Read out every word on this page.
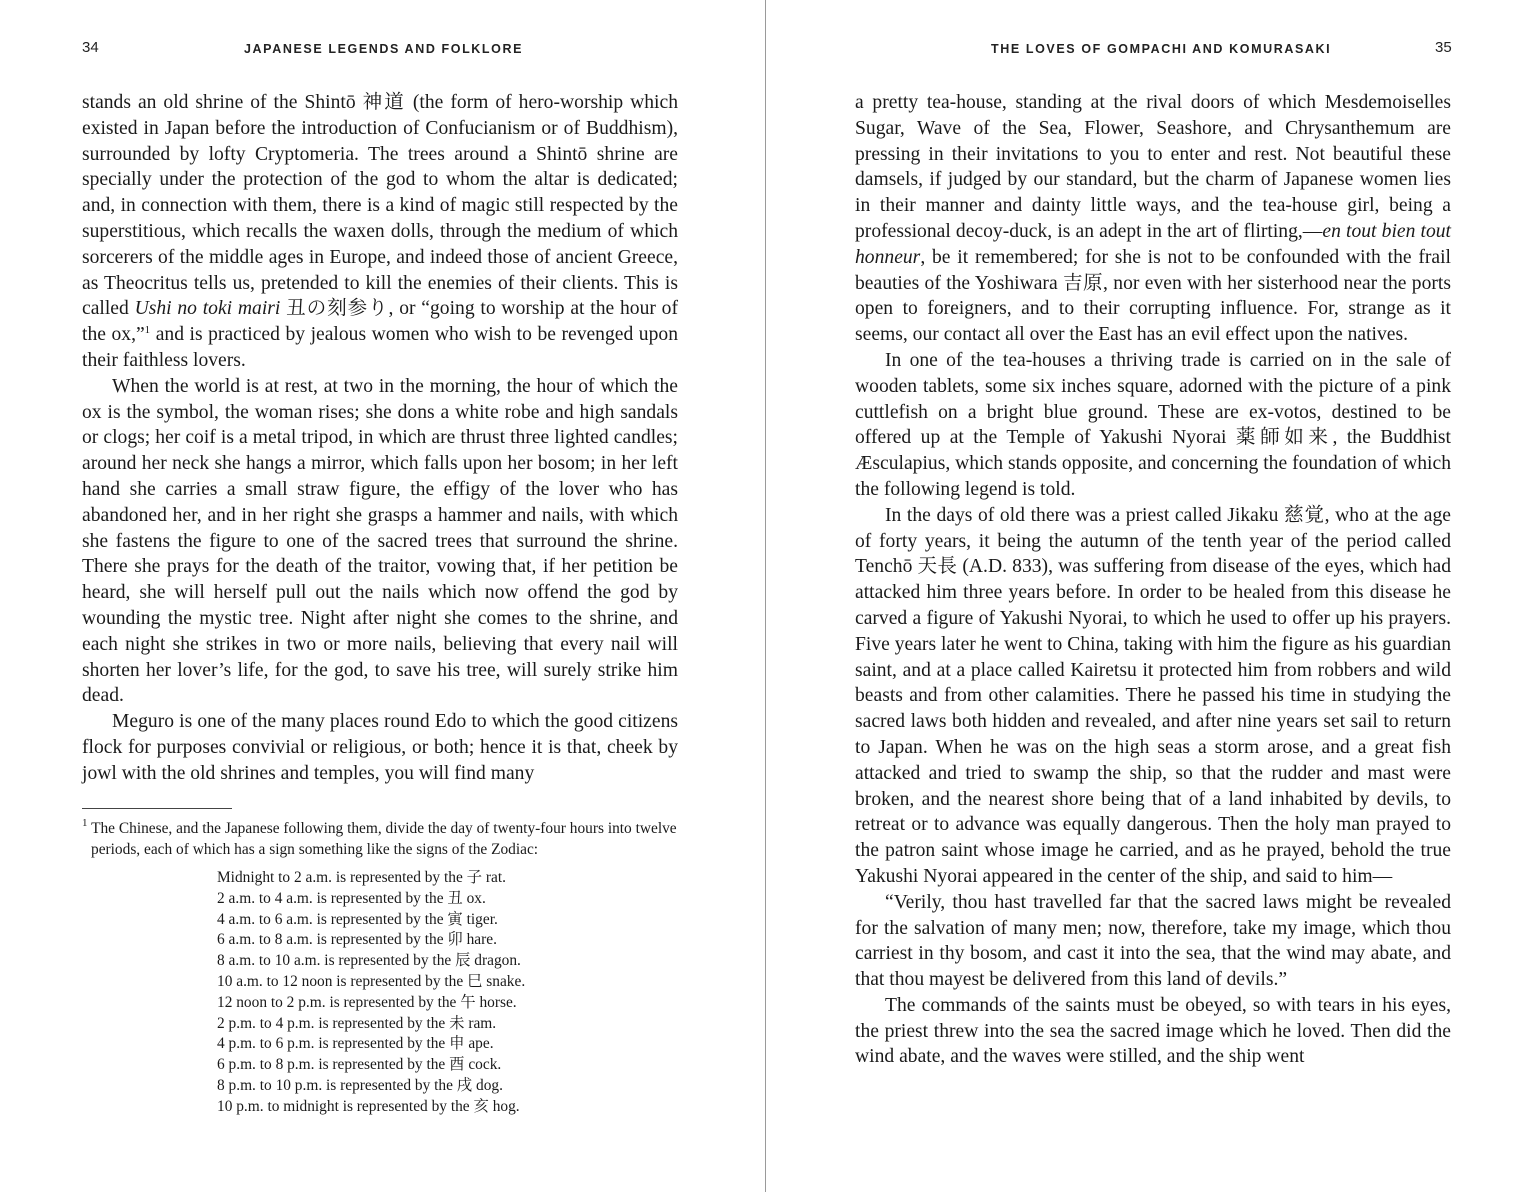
34	JAPANESE LEGENDS AND FOLKLORE

stands an old shrine of the Shintō 神道 (the form of hero-worship which existed in Japan before the introduction of Confucianism or of Buddhism), surrounded by lofty Cryptomeria. The trees around a Shintō shrine are specially under the protection of the god to whom the altar is dedicated; and, in connection with them, there is a kind of magic still respected by the superstitious, which recalls the waxen dolls, through the medium of which sorcerers of the middle ages in Europe, and indeed those of ancient Greece, as Theocritus tells us, pretended to kill the enemies of their clients. This is called Ushi no toki mairi 丑の刻参り, or “going to worship at the hour of the ox,”$^1$ and is practiced by jealous women who wish to be revenged upon their faithless lovers.

When the world is at rest, at two in the morning, the hour of which the ox is the symbol, the woman rises; she dons a white robe and high sandals or clogs; her coif is a metal tripod, in which are thrust three lighted candles; around her neck she hangs a mirror, which falls upon her bosom; in her left hand she carries a small straw figure, the effigy of the lover who has abandoned her, and in her right she grasps a hammer and nails, with which she fastens the figure to one of the sacred trees that surround the shrine. There she prays for the death of the traitor, vowing that, if her petition be heard, she will herself pull out the nails which now offend the god by wounding the mystic tree. Night after night she comes to the shrine, and each night she strikes in two or more nails, believing that every nail will shorten her lover’s life, for the god, to save his tree, will surely strike him dead.

Meguro is one of the many places round Edo to which the good citizens flock for purposes convivial or religious, or both; hence it is that, cheek by jowl with the old shrines and temples, you will find many

$^1$ The Chinese, and the Japanese following them, divide the day of twenty-four hours into twelve periods, each of which has a sign something like the signs of the Zodiac:

Midnight to 2 a.m. is represented by the 子 rat.
2 a.m. to 4 a.m. is represented by the 丑 ox.
4 a.m. to 6 a.m. is represented by the 寅 tiger.
6 a.m. to 8 a.m. is represented by the 卯 hare.
8 a.m. to 10 a.m. is represented by the 辰 dragon.
10 a.m. to 12 noon is represented by the 巳 snake.
12 noon to 2 p.m. is represented by the 午 horse.
2 p.m. to 4 p.m. is represented by the 未 ram.
4 p.m. to 6 p.m. is represented by the 申 ape.
6 p.m. to 8 p.m. is represented by the 酉 cock.
8 p.m. to 10 p.m. is represented by the 戌 dog.
10 p.m. to midnight is represented by the 亥 hog.
THE LOVES OF GOMPACHI AND KOMURASAKI	35

a pretty tea-house, standing at the rival doors of which Mesdemoiselles Sugar, Wave of the Sea, Flower, Seashore, and Chrysanthemum are pressing in their invitations to you to enter and rest. Not beautiful these damsels, if judged by our standard, but the charm of Japanese women lies in their manner and dainty little ways, and the tea-house girl, being a professional decoy-duck, is an adept in the art of flirting,—en tout bien tout honneur, be it remembered; for she is not to be confounded with the frail beauties of the Yoshiwara 吉原, nor even with her sisterhood near the ports open to foreigners, and to their corrupting influence. For, strange as it seems, our contact all over the East has an evil effect upon the natives.

In one of the tea-houses a thriving trade is carried on in the sale of wooden tablets, some six inches square, adorned with the picture of a pink cuttlefish on a bright blue ground. These are ex-votos, destined to be offered up at the Temple of Yakushi Nyorai 薬師如来, the Buddhist Æsculapius, which stands opposite, and concerning the foundation of which the following legend is told.

In the days of old there was a priest called Jikaku 慈覚, who at the age of forty years, it being the autumn of the tenth year of the period called Tenchō 天長 (A.D. 833), was suffering from disease of the eyes, which had attacked him three years before. In order to be healed from this disease he carved a figure of Yakushi Nyorai, to which he used to offer up his prayers. Five years later he went to China, taking with him the figure as his guardian saint, and at a place called Kairetsu it protected him from robbers and wild beasts and from other calamities. There he passed his time in studying the sacred laws both hidden and revealed, and after nine years set sail to return to Japan. When he was on the high seas a storm arose, and a great fish attacked and tried to swamp the ship, so that the rudder and mast were broken, and the nearest shore being that of a land inhabited by devils, to retreat or to advance was equally dangerous. Then the holy man prayed to the patron saint whose image he carried, and as he prayed, behold the true Yakushi Nyorai appeared in the center of the ship, and said to him—

“Verily, thou hast travelled far that the sacred laws might be revealed for the salvation of many men; now, therefore, take my image, which thou carriest in thy bosom, and cast it into the sea, that the wind may abate, and that thou mayest be delivered from this land of devils.”

The commands of the saints must be obeyed, so with tears in his eyes, the priest threw into the sea the sacred image which he loved. Then did the wind abate, and the waves were stilled, and the ship went
